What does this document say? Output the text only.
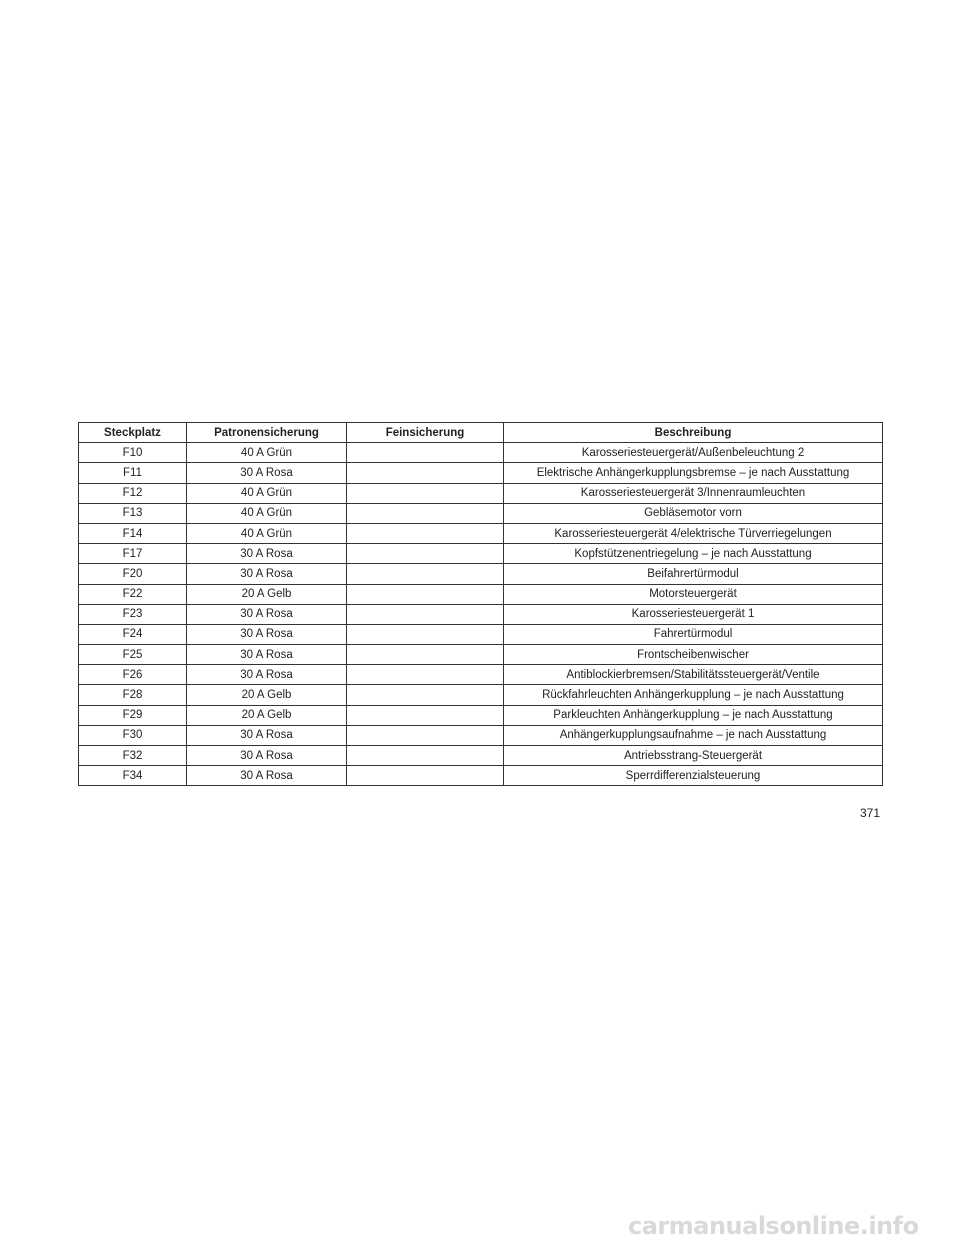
Steckplatz	Patronensicherung	Feinsicherung	Beschreibung
F10	40 A Grün		Karosseriesteuergerät/Außenbeleuchtung 2
F11	30 A Rosa		Elektrische Anhängerkupplungsbremse – je nach Ausstattung
F12	40 A Grün		Karosseriesteuergerät 3/Innenraumleuchten
F13	40 A Grün		Gebläsemotor vorn
F14	40 A Grün		Karosseriesteuergerät 4/elektrische Türverriegelungen
F17	30 A Rosa		Kopfstützenentriegelung – je nach Ausstattung
F20	30 A Rosa		Beifahrertürmodul
F22	20 A Gelb		Motorsteuergerät
F23	30 A Rosa		Karosseriesteuergerät 1
F24	30 A Rosa		Fahrertürmodul
F25	30 A Rosa		Frontscheibenwischer
F26	30 A Rosa		Antiblockierbremsen/Stabilitätssteuergerät/Ventile
F28	20 A Gelb		Rückfahrleuchten Anhängerkupplung – je nach Ausstattung
F29	20 A Gelb		Parkleuchten Anhängerkupplung – je nach Ausstattung
F30	30 A Rosa		Anhängerkupplungsaufnahme – je nach Ausstattung
F32	30 A Rosa		Antriebsstrang-Steuergerät
F34	30 A Rosa		Sperrdifferenzialsteuerung
371
carmanualsonline.info
